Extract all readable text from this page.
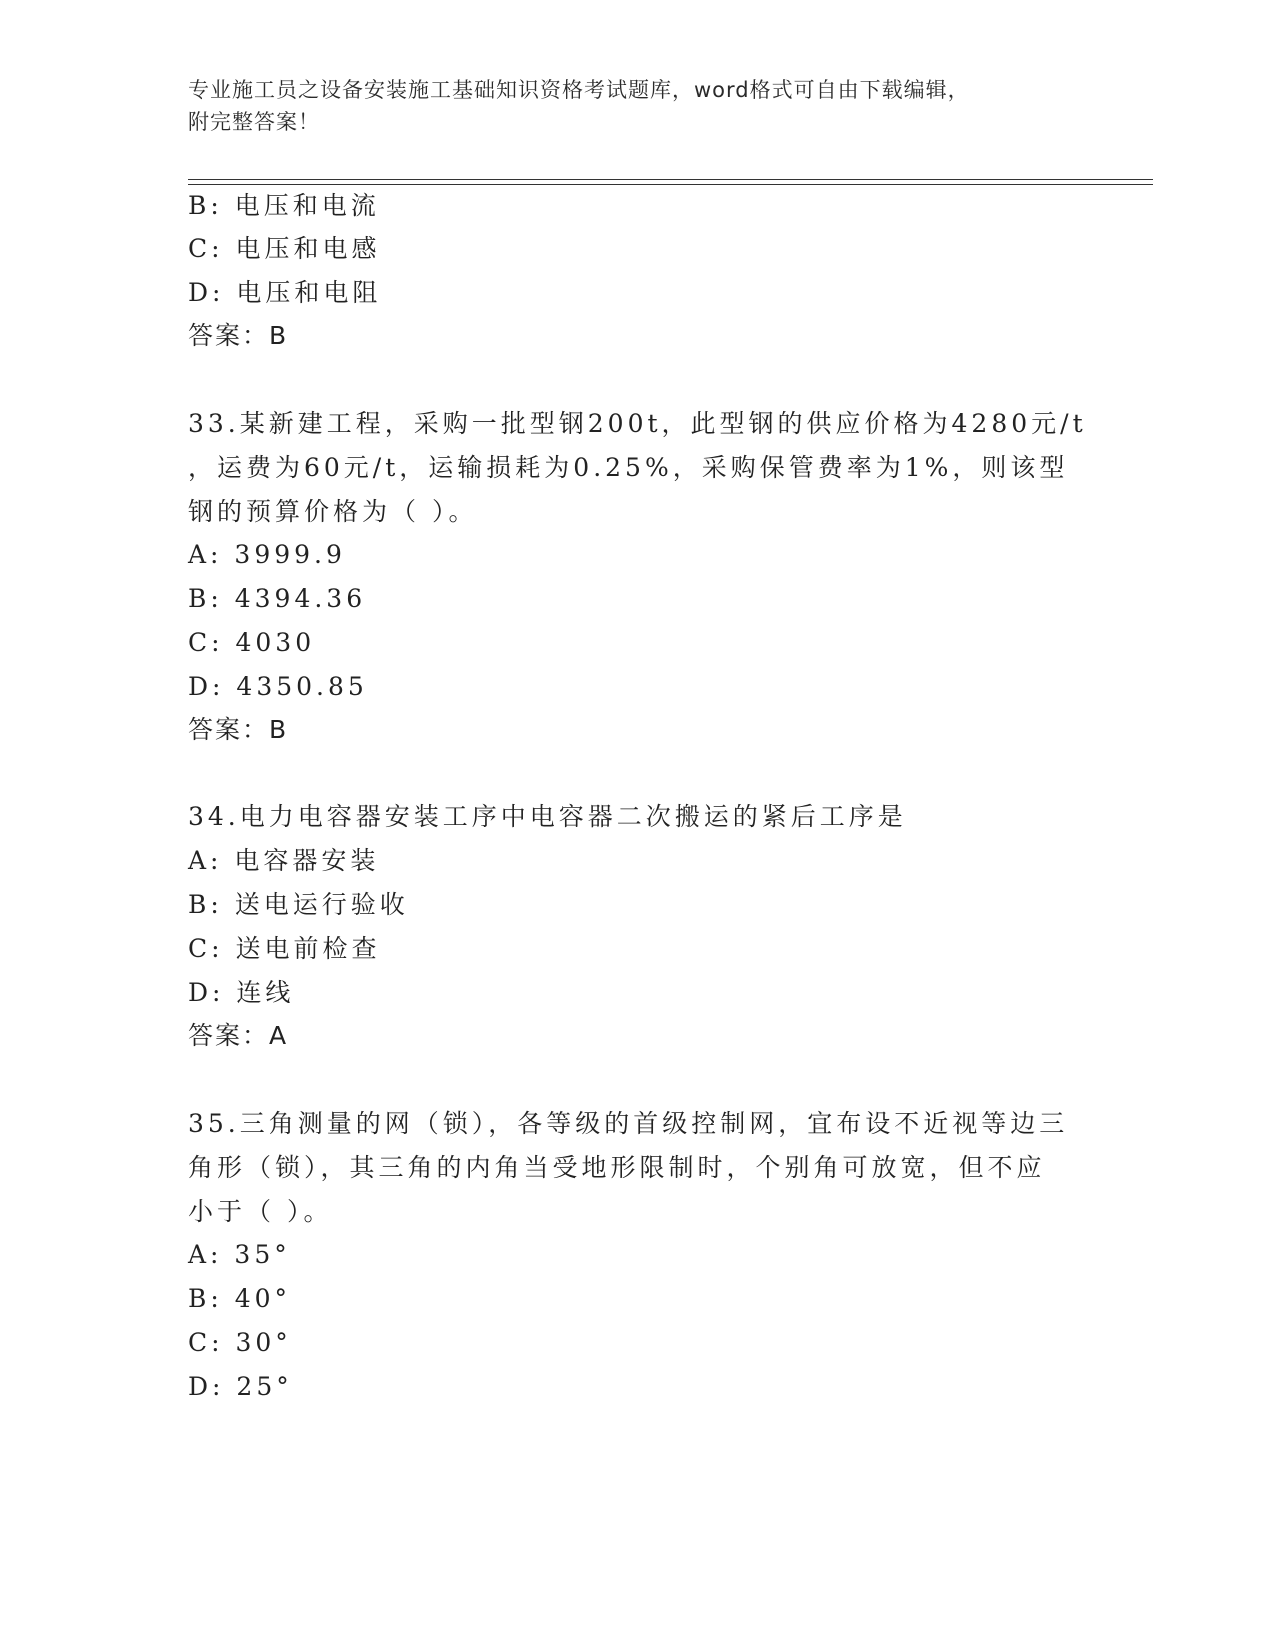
专业施工员之设备安装施工基础知识资格考试题库，word格式可自由下载编辑，
附完整答案！
B: 电压和电流
C: 电压和电感
D: 电压和电阻
答案：B
33.某新建工程，采购一批型钢200t，此型钢的供应价格为4280元/t
，运费为60元/t，运输损耗为0.25%，采购保管费率为1%，则该型
钢的预算价格为（ ）。
A: 3999.9
B: 4394.36
C: 4030
D: 4350.85
答案：B
34.电力电容器安装工序中电容器二次搬运的紧后工序是
A: 电容器安装
B: 送电运行验收
C: 送电前检查
D: 连线
答案：A
35.三角测量的网（锁），各等级的首级控制网，宜布设不近视等边三
角形（锁），其三角的内角当受地形限制时，个别角可放宽，但不应
小于（ ）。
A: 35°
B: 40°
C: 30°
D: 25°
